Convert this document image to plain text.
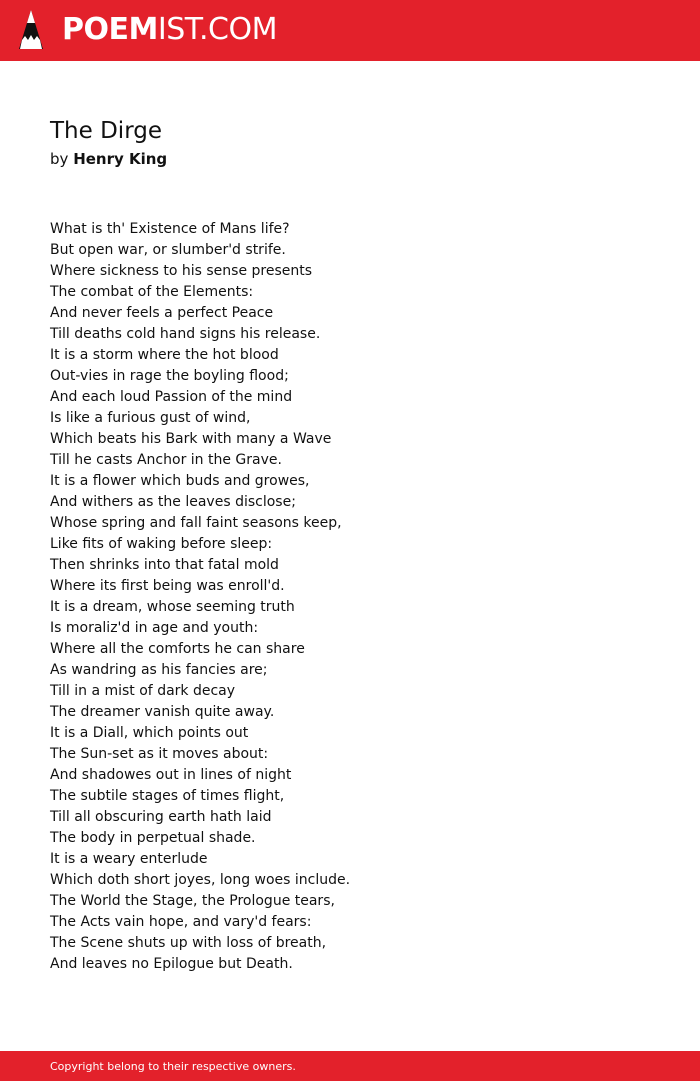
POEMIST.COM
The Dirge
by Henry King
What is th' Existence of Mans life?
But open war, or slumber'd strife.
Where sickness to his sense presents
The combat of the Elements:
And never feels a perfect Peace
Till deaths cold hand signs his release.
It is a storm where the hot blood
Out-vies in rage the boyling flood;
And each loud Passion of the mind
Is like a furious gust of wind,
Which beats his Bark with many a Wave
Till he casts Anchor in the Grave.
It is a flower which buds and growes,
And withers as the leaves disclose;
Whose spring and fall faint seasons keep,
Like fits of waking before sleep:
Then shrinks into that fatal mold
Where its first being was enroll'd.
It is a dream, whose seeming truth
Is moraliz'd in age and youth:
Where all the comforts he can share
As wandring as his fancies are;
Till in a mist of dark decay
The dreamer vanish quite away.
It is a Diall, which points out
The Sun-set as it moves about:
And shadowes out in lines of night
The subtile stages of times flight,
Till all obscuring earth hath laid
The body in perpetual shade.
It is a weary enterlude
Which doth short joyes, long woes include.
The World the Stage, the Prologue tears,
The Acts vain hope, and vary'd fears:
The Scene shuts up with loss of breath,
And leaves no Epilogue but Death.
Copyright belong to their respective owners.
